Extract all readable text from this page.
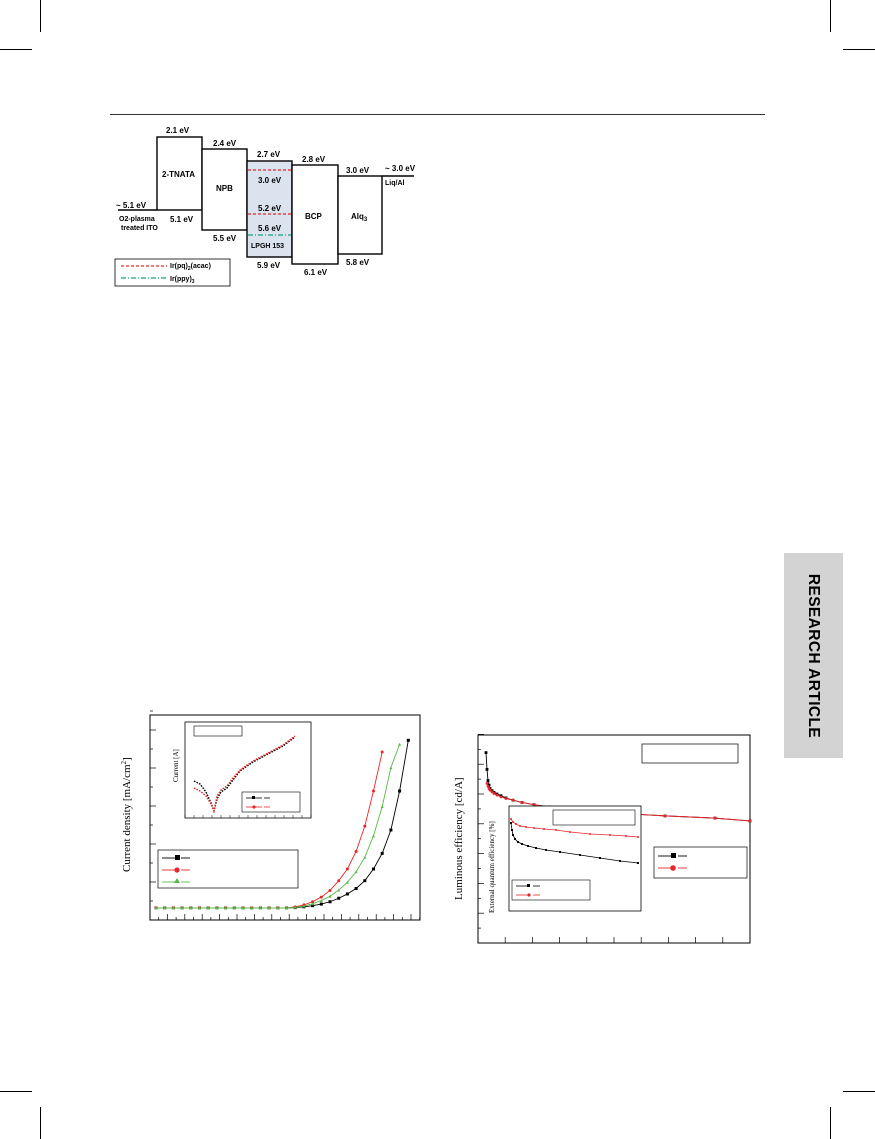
RESEARCH ARTICLE
~ 5.1 eV
O2-plasma
treated ITO
2.1 eV
2-TNATA
5.1 eV
2.4 eV
NPB
5.5 eV
2.7 eV
3.0 eV
5.2 eV
5.6 eV
LPGH 153
5.9 eV
2.8 eV
BCP
6.1 eV
3.0 eV
Alq$_3$
5.8 eV
~ 3.0 eV
Liq/Al
$Ir(pq)_2(acac)$
$Ir(ppy)_3$
Current density $[mA/cm^2]$	Current [A]
Luminous efficiency [cd/A]	External quantum efficiency [%]
